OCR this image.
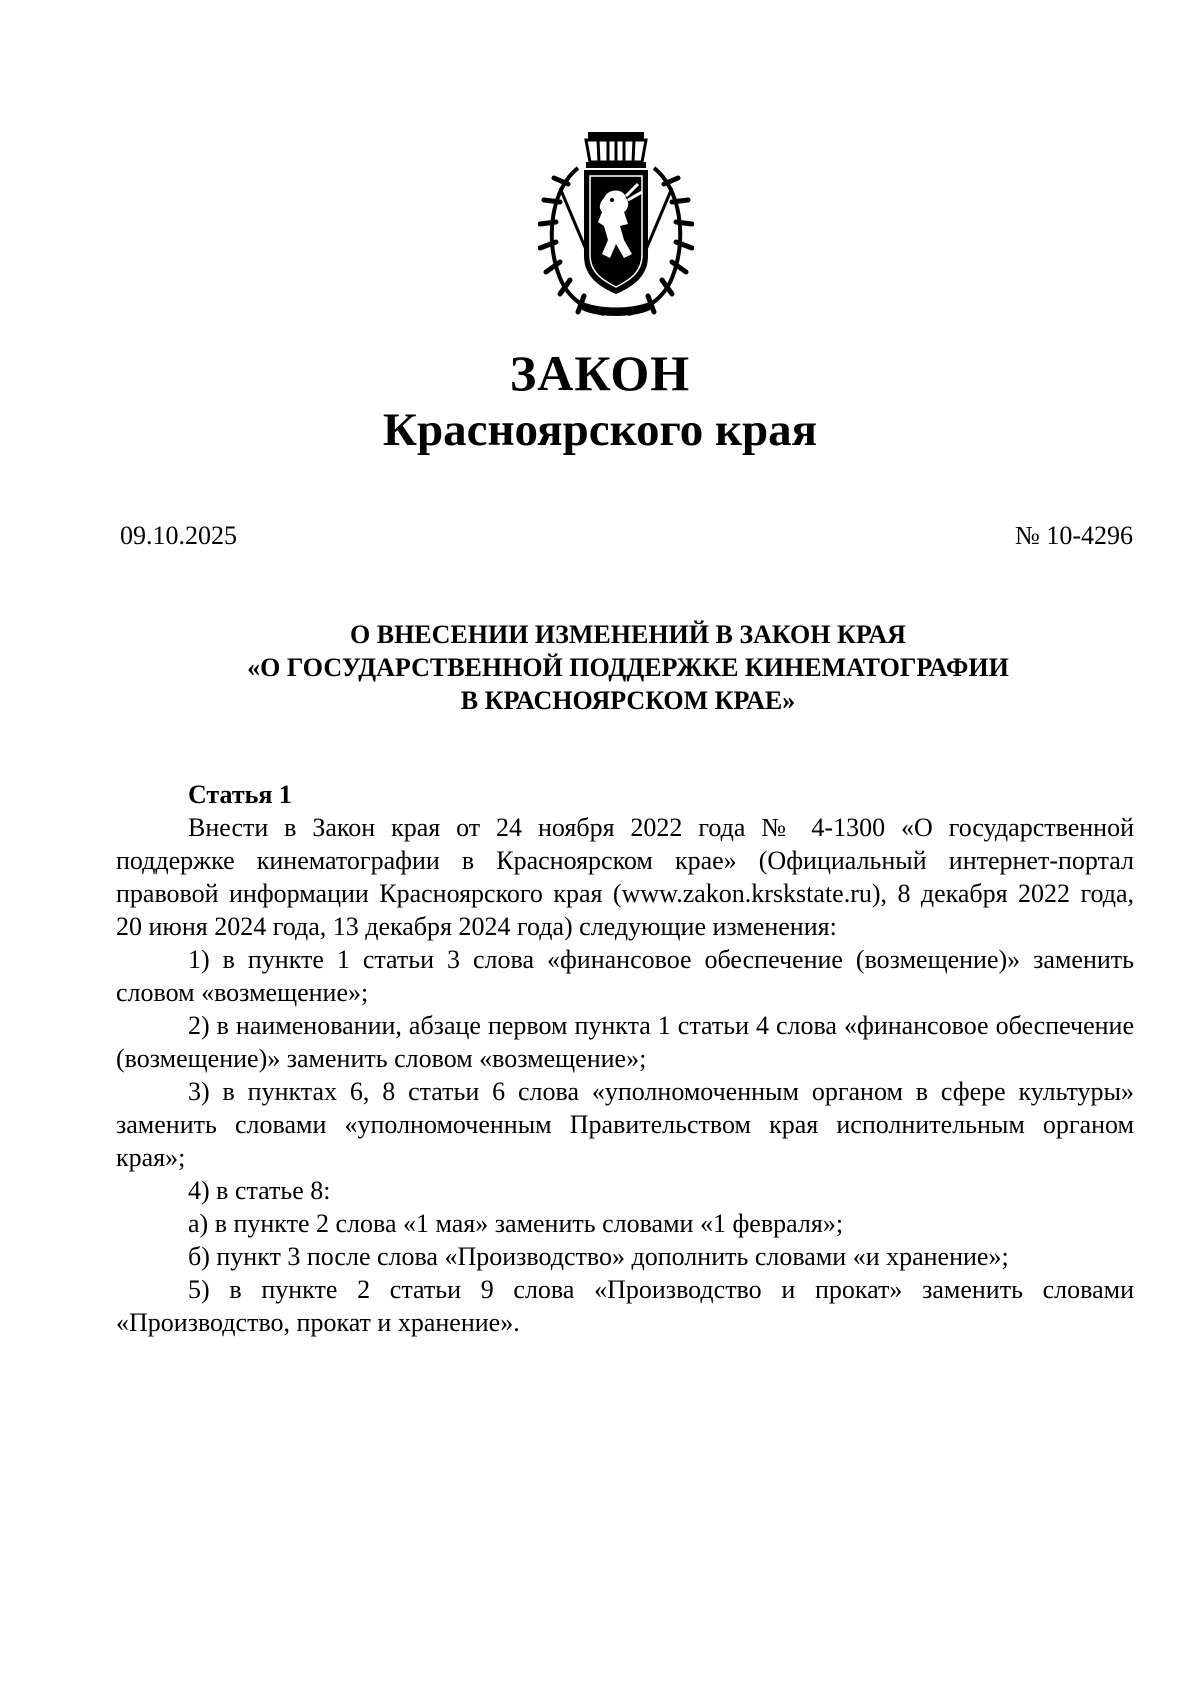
ЗАКОН
Красноярского края
09.10.2025	№ 10-4296
О ВНЕСЕНИИ ИЗМЕНЕНИЙ В ЗАКОН КРАЯ
«О ГОСУДАРСТВЕННОЙ ПОДДЕРЖКЕ КИНЕМАТОГРАФИИ
В КРАСНОЯРСКОМ КРАЕ»
Статья 1

Внести в Закон края от 24 ноября 2022 года № 4-1300 «О государственной поддержке кинематографии в Красноярском крае» (Официальный интернет-портал правовой информации Красноярского края (www.zakon.krskstate.ru), 8 декабря 2022 года, 20 июня 2024 года, 13 декабря 2024 года) следующие изменения:

1) в пункте 1 статьи 3 слова «финансовое обеспечение (возмещение)» заменить словом «возмещение»;

2) в наименовании, абзаце первом пункта 1 статьи 4 слова «финансовое обеспечение (возмещение)» заменить словом «возмещение»;

3) в пунктах 6, 8 статьи 6 слова «уполномоченным органом в сфере культуры» заменить словами «уполномоченным Правительством края исполнительным органом края»;

4) в статье 8:

а) в пункте 2 слова «1 мая» заменить словами «1 февраля»;

б) пункт 3 после слова «Производство» дополнить словами «и хранение»;

5) в пункте 2 статьи 9 слова «Производство и прокат» заменить словами «Производство, прокат и хранение».
